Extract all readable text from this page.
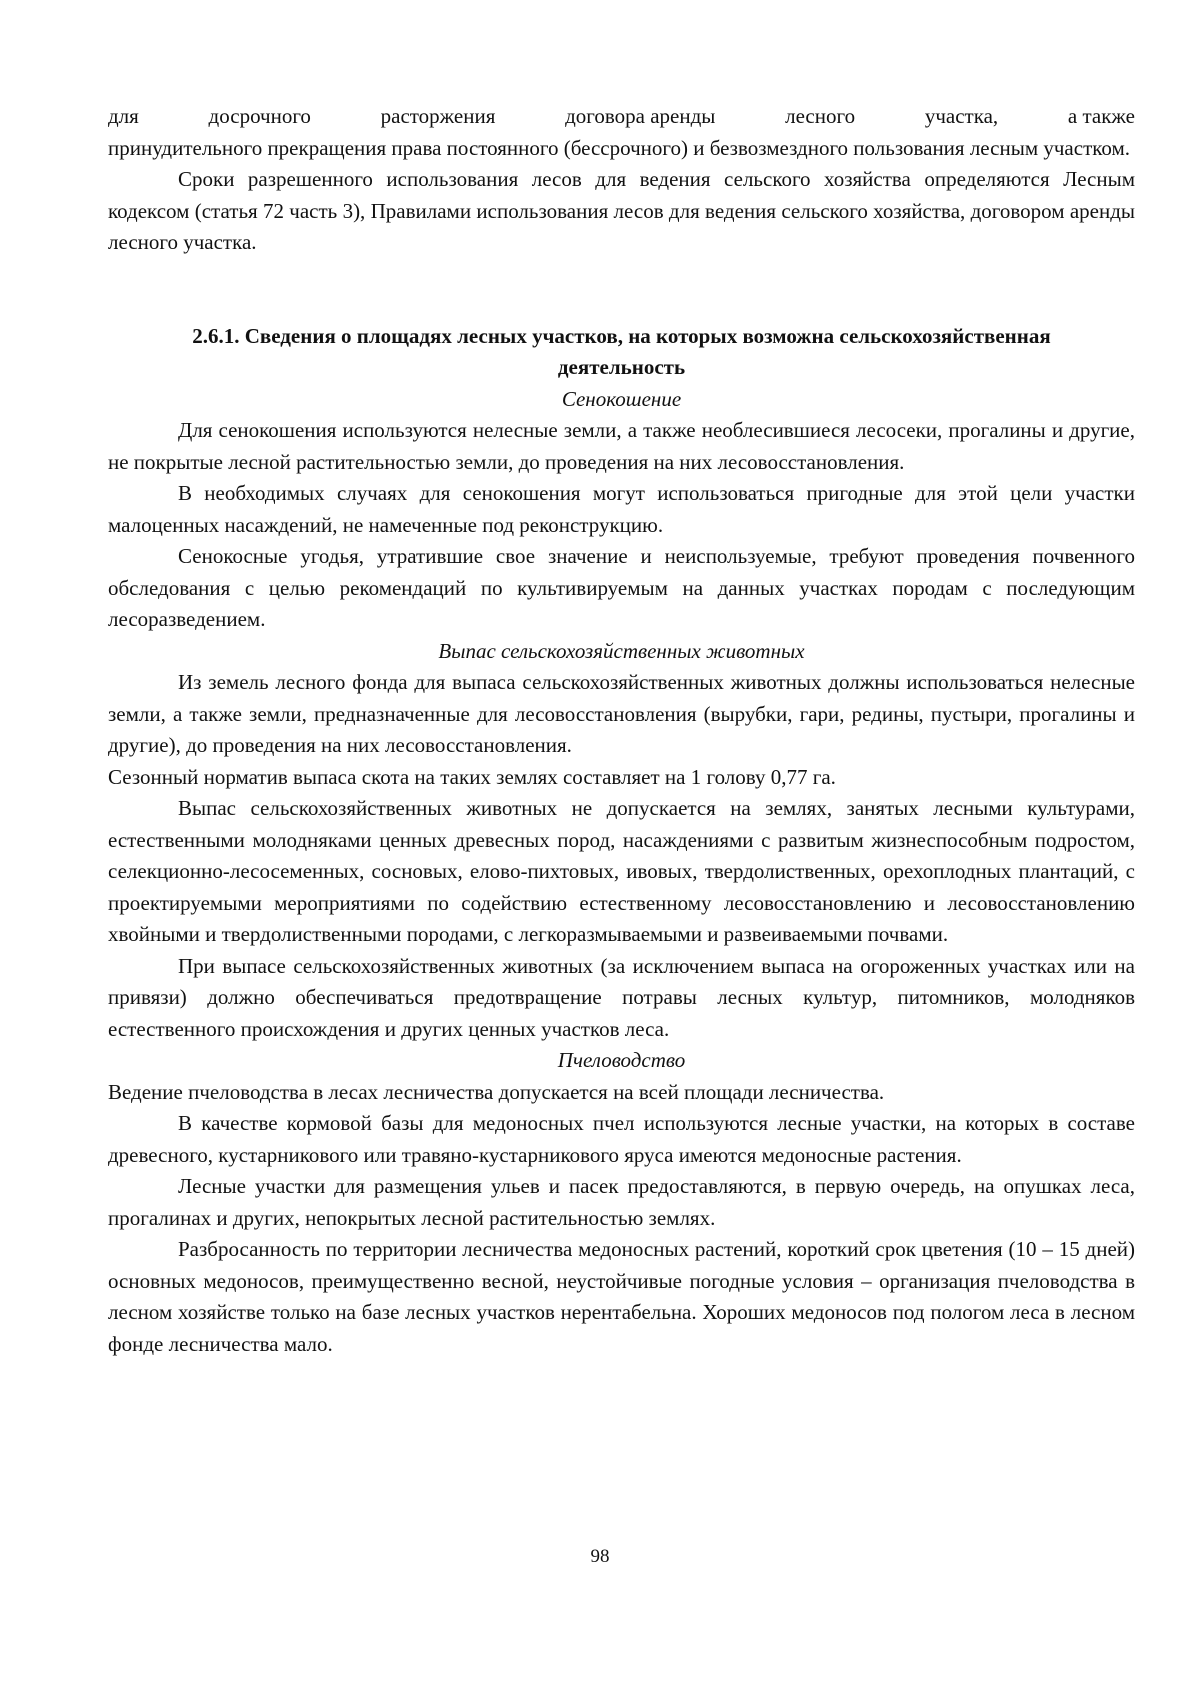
для	досрочного	расторжения	договора аренды	лесного	участка,	а также

принудительного прекращения права постоянного (бессрочного) и безвозмездного пользования лесным участком.

Сроки разрешенного использования лесов для ведения сельского хозяйства определяются Лесным кодексом (статья 72 часть 3), Правилами использования лесов для ведения сельского хозяйства, договором аренды лесного участка.

2.6.1. Сведения о площадях лесных участков, на которых возможна сельскохозяйственная
деятельность
Сенокошение

Для сенокошения используются нелесные земли, а также необлесившиеся лесосеки, прогалины и другие, не покрытые лесной растительностью земли, до проведения на них лесовосстановления.

В необходимых случаях для сенокошения могут использоваться пригодные для этой цели участки малоценных насаждений, не намеченные под реконструкцию.

Сенокосные угодья, утратившие свое значение и неиспользуемые, требуют проведения почвенного обследования с целью рекомендаций по культивируемым на данных участках породам с последующим лесоразведением.

Выпас сельскохозяйственных животных

Из земель лесного фонда для выпаса сельскохозяйственных животных должны использоваться нелесные земли, а также земли, предназначенные для лесовосстановления (вырубки, гари, редины, пустыри, прогалины и другие), до проведения на них лесовосстановления.

Сезонный норматив выпаса скота на таких землях составляет на 1 голову 0,77 га.

Выпас сельскохозяйственных животных не допускается на землях, занятых лесными культурами, естественными молодняками ценных древесных пород, насаждениями с развитым жизнеспособным подростом, селекционно-лесосеменных, сосновых, елово-пихтовых, ивовых, твердолиственных, орехоплодных плантаций, с проектируемыми мероприятиями по содействию естественному лесовосстановлению и лесовосстановлению хвойными и твердолиственными породами, с легкоразмываемыми и развеиваемыми почвами.

При выпасе сельскохозяйственных животных (за исключением выпаса на огороженных участках или на привязи) должно обеспечиваться предотвращение потравы лесных культур, питомников, молодняков естественного происхождения и других ценных участков леса.

Пчеловодство

Ведение пчеловодства в лесах лесничества допускается на всей площади лесничества.

В качестве кормовой базы для медоносных пчел используются лесные участки, на которых в составе древесного, кустарникового или травяно-кустарникового яруса имеются медоносные растения.

Лесные участки для размещения ульев и пасек предоставляются, в первую очередь, на опушках леса, прогалинах и других, непокрытых лесной растительностью землях.

Разбросанность по территории лесничества медоносных растений, короткий срок цветения (10 – 15 дней) основных медоносов, преимущественно весной, неустойчивые погодные условия – организация пчеловодства в лесном хозяйстве только на базе лесных участков нерентабельна. Хороших медоносов под пологом леса в лесном фонде лесничества мало.

98
